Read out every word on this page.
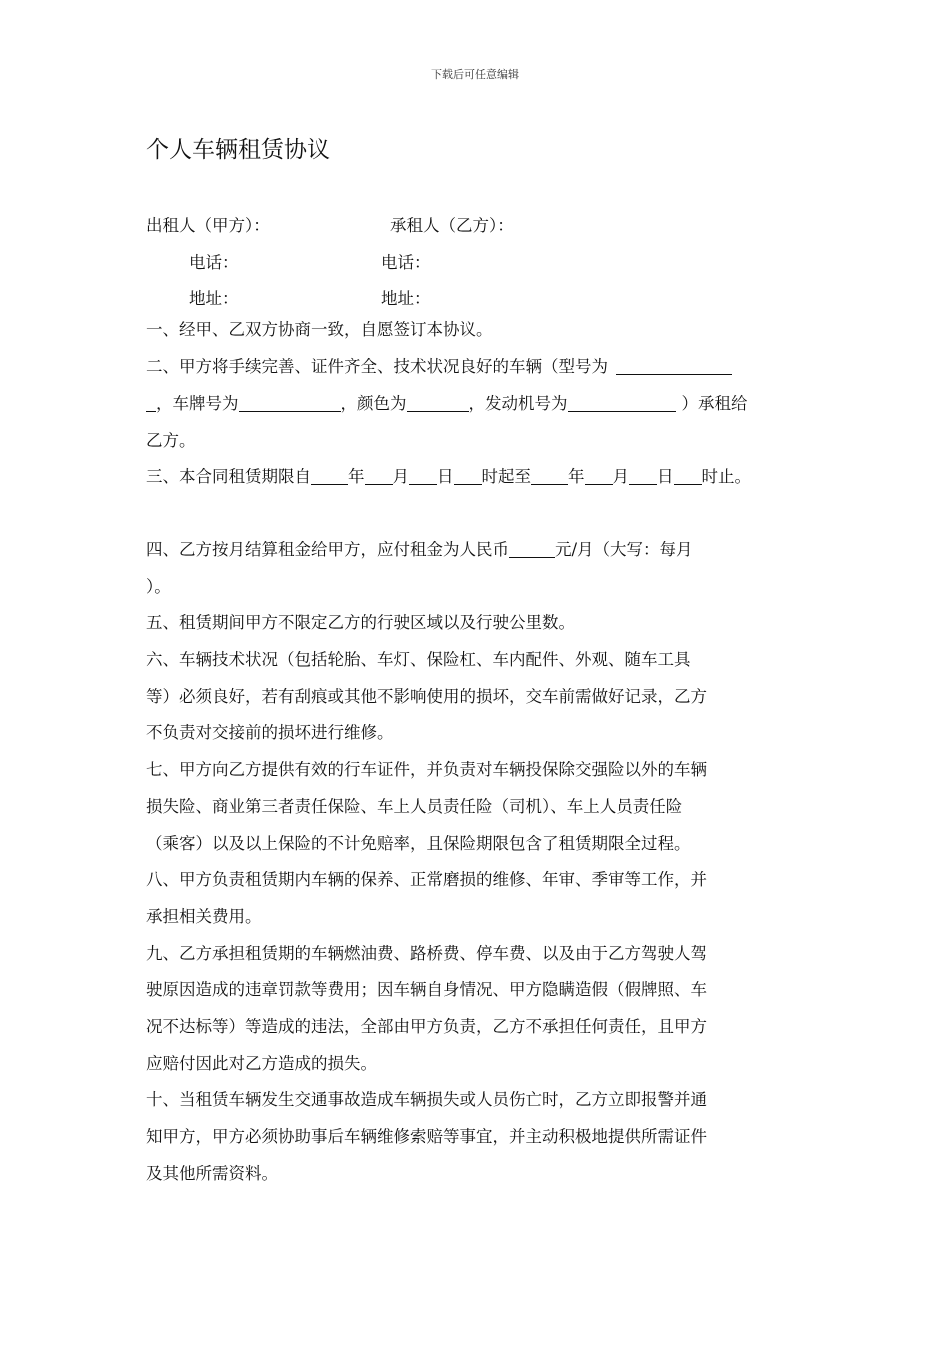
下载后可任意编辑
个人车辆租赁协议
出租人（甲方）：	承租人（乙方）：
电话：	电话：
地址：	地址：
一、经甲、乙双方协商一致，自愿签订本协议。
二、甲方将手续完善、证件齐全、技术状况良好的车辆（型号为
，车牌号为	，颜色为	，发动机号为	）承租给
乙方。
三、本合同租赁期限自 年 月 日 时起至 年 月 日 时止。
四、乙方按月结算租金给甲方，应付租金为人民币	元/月（大写：每月
）。
五、租赁期间甲方不限定乙方的行驶区域以及行驶公里数。
六、车辆技术状况（包括轮胎、车灯、保险杠、车内配件、外观、随车工具
等）必须良好，若有刮痕或其他不影响使用的损坏，交车前需做好记录，乙方
不负责对交接前的损坏进行维修。
七、甲方向乙方提供有效的行车证件，并负责对车辆投保除交强险以外的车辆
损失险、商业第三者责任保险、车上人员责任险（司机）、车上人员责任险
（乘客）以及以上保险的不计免赔率，且保险期限包含了租赁期限全过程。
八、甲方负责租赁期内车辆的保养、正常磨损的维修、年审、季审等工作，并
承担相关费用。
九、乙方承担租赁期的车辆燃油费、路桥费、停车费、以及由于乙方驾驶人驾
驶原因造成的违章罚款等费用；因车辆自身情况、甲方隐瞒造假（假牌照、车
况不达标等）等造成的违法，全部由甲方负责，乙方不承担任何责任，且甲方
应赔付因此对乙方造成的损失。
十、当租赁车辆发生交通事故造成车辆损失或人员伤亡时，乙方立即报警并通
知甲方，甲方必须协助事后车辆维修索赔等事宜，并主动积极地提供所需证件
及其他所需资料。
